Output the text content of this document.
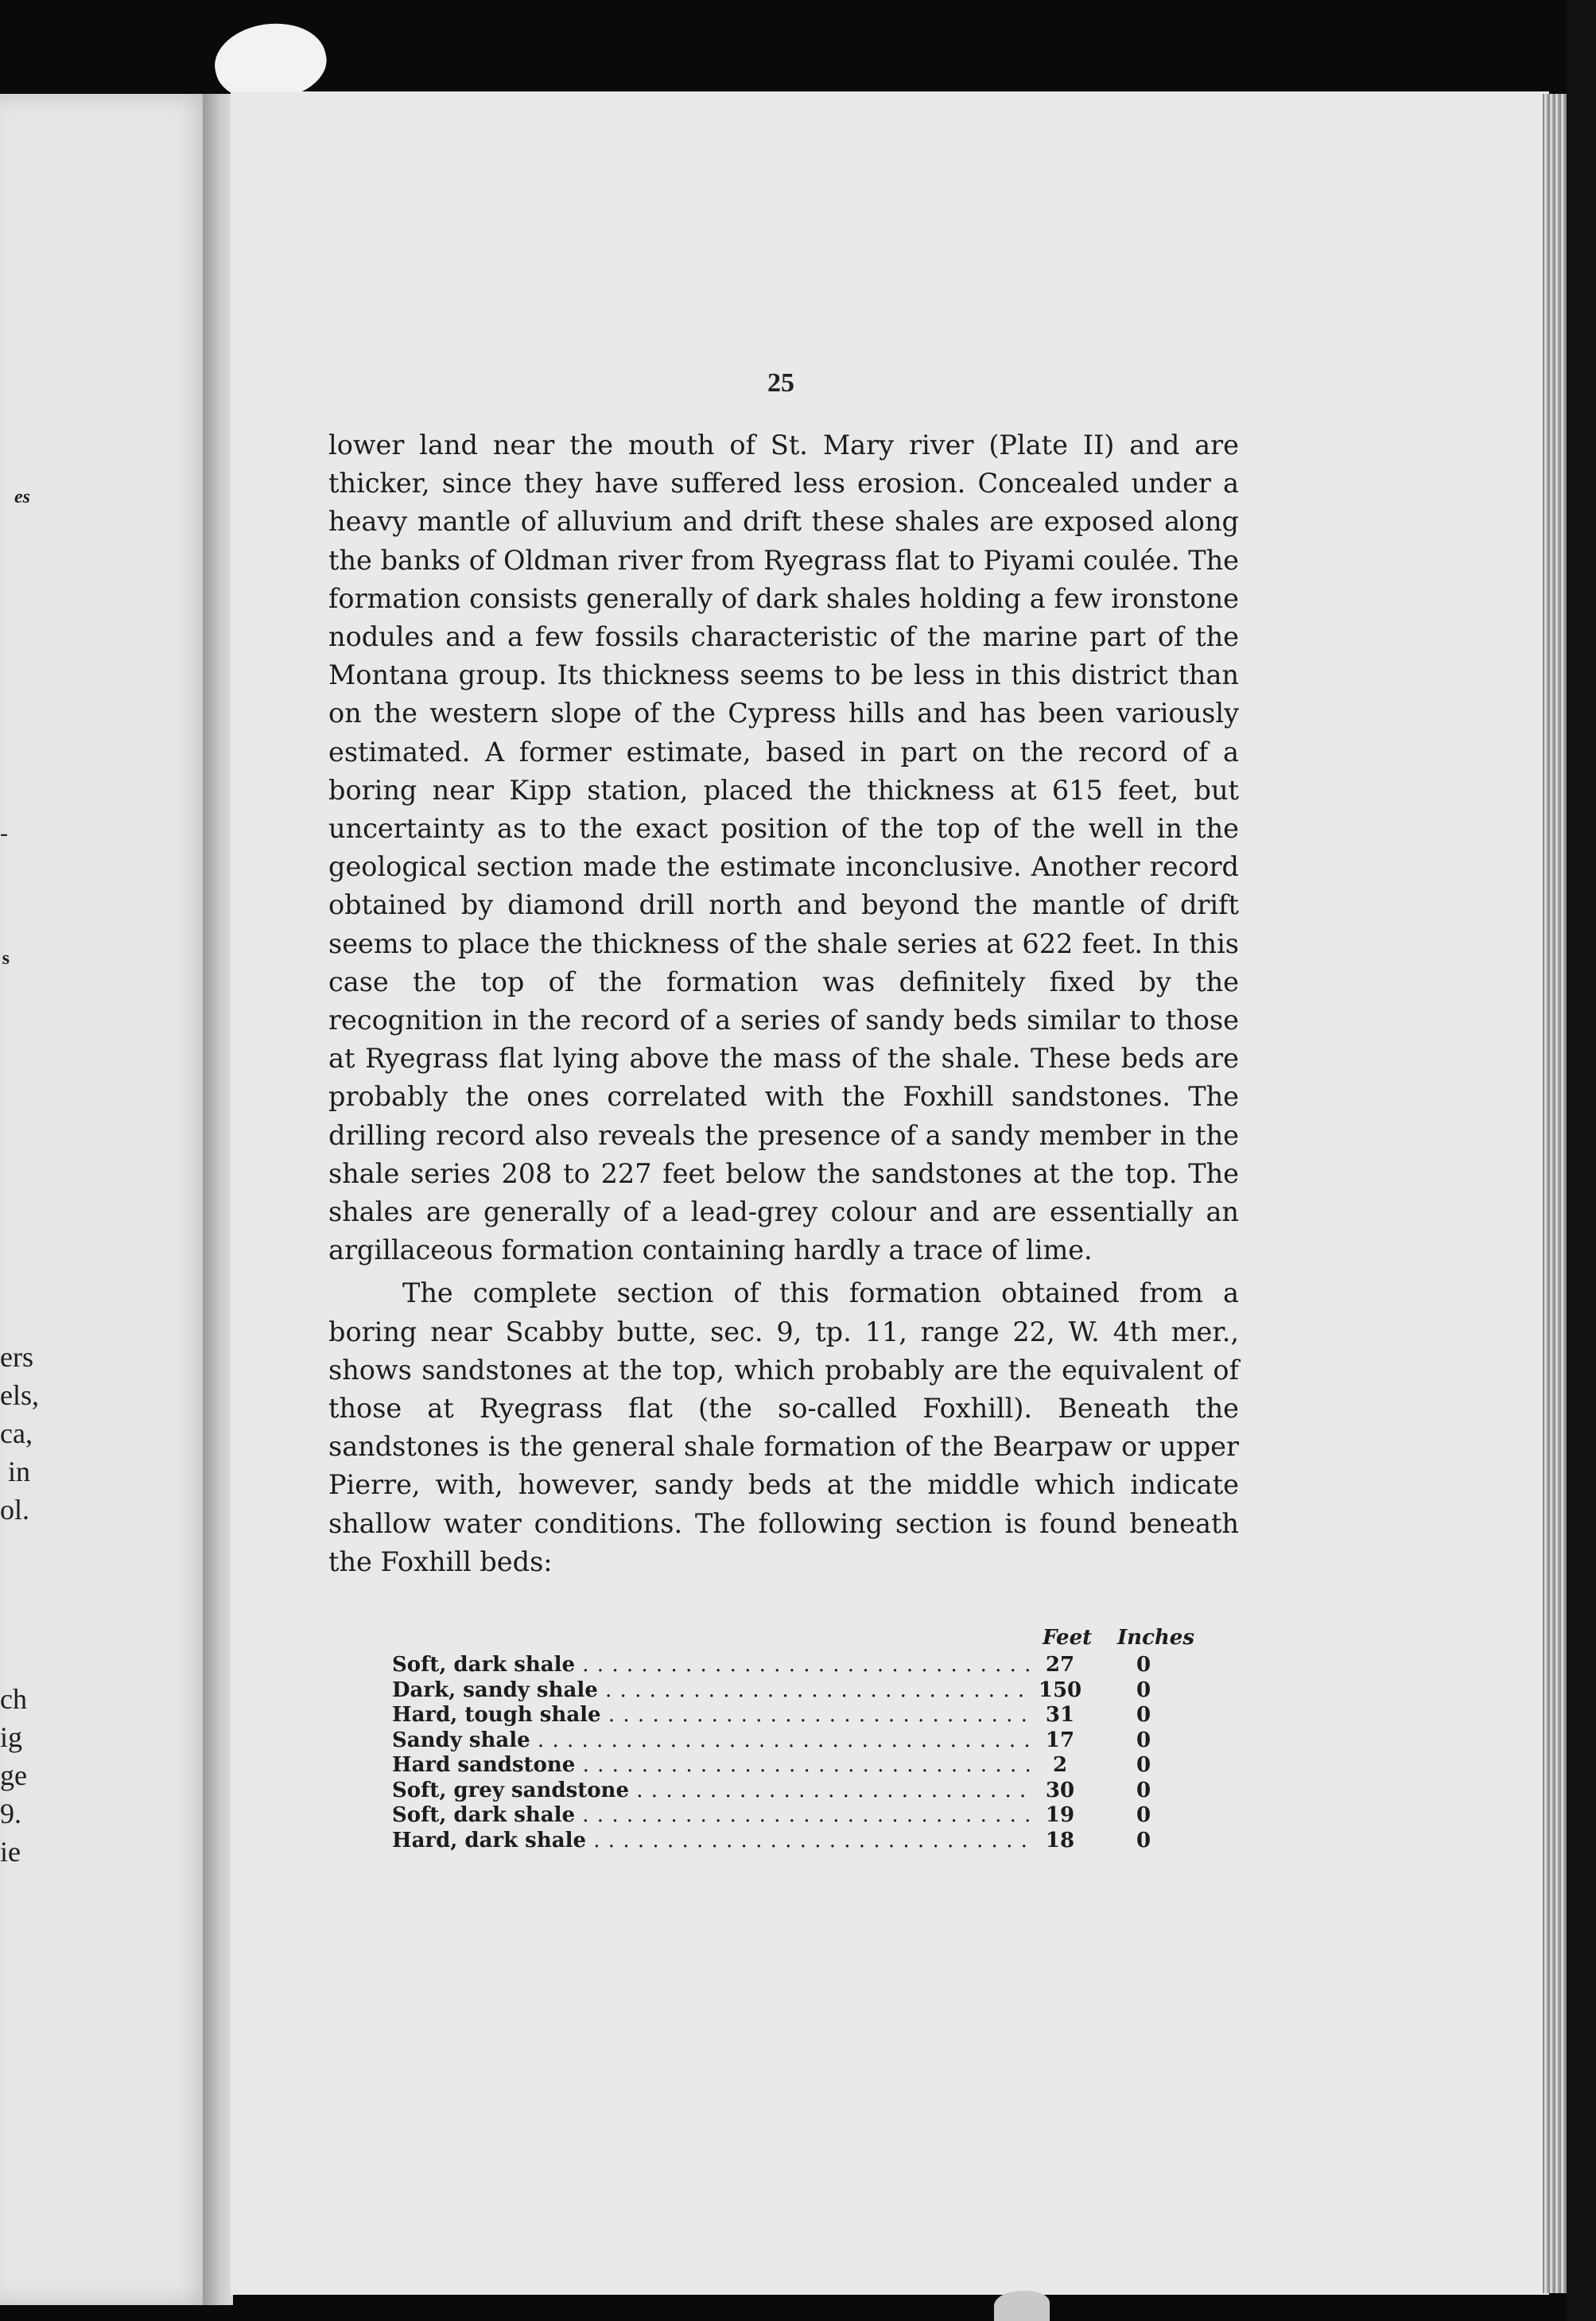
es
-
s
ers
els,
ca,
in
ol.
ch
ig
ge
9.
ie
25

lower land near the mouth of St. Mary river (Plate II) and are thicker, since they have suffered less erosion. Concealed under a heavy mantle of alluvium and drift these shales are exposed along the banks of Oldman river from Ryegrass flat to Piyami coulée. The formation consists generally of dark shales holding a few ironstone nodules and a few fossils characteristic of the marine part of the Montana group. Its thickness seems to be less in this district than on the western slope of the Cypress hills and has been variously estimated. A former estimate, based in part on the record of a boring near Kipp station, placed the thickness at 615 feet, but uncertainty as to the exact position of the top of the well in the geological section made the estimate inconclusive. Another record obtained by diamond drill north and beyond the mantle of drift seems to place the thickness of the shale series at 622 feet. In this case the top of the formation was definitely fixed by the recognition in the record of a series of sandy beds similar to those at Ryegrass flat lying above the mass of the shale. These beds are probably the ones correlated with the Foxhill sandstones. The drilling record also reveals the presence of a sandy member in the shale series 208 to 227 feet below the sandstones at the top. The shales are generally of a lead-grey colour and are essentially an argillaceous formation containing hardly a trace of lime.

The complete section of this formation obtained from a boring near Scabby butte, sec. 9, tp. 11, range 22, W. 4th mer., shows sandstones at the top, which probably are the equivalent of those at Ryegrass flat (the so-called Foxhill). Beneath the sandstones is the general shale formation of the Bearpaw or upper Pierre, with, however, sandy beds at the middle which indicate shallow water conditions. The following section is found beneath the Foxhill beds:

Feet Inches
Soft, dark shale . . .	27	0
Dark, sandy shale . . .	150	0
Hard, tough shale . . .	31	0
Sandy shale . . .	17	0
Hard sandstone . . .	2	0
Soft, grey sandstone . . .	30	0
Soft, dark shale . . .	19	0
Hard, dark shale . . .	18	0
